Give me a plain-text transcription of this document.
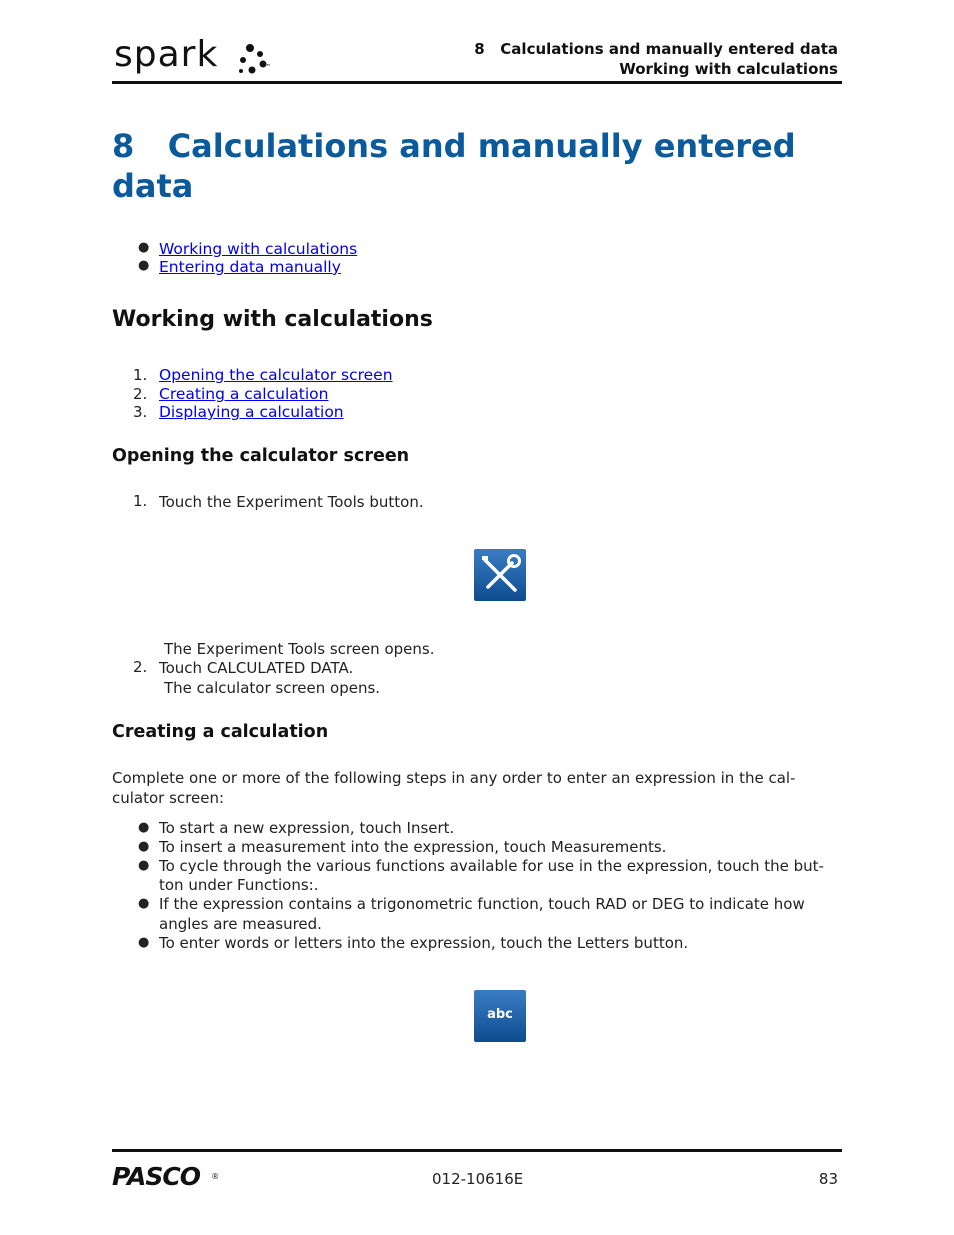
spark	™
8   Calculations and manually entered data
Working with calculations
8   Calculations and manually entered data
● Working with calculations
● Entering data manually
Working with calculations
1. Opening the calculator screen
2. Creating a calculation
3. Displaying a calculation
Opening the calculator screen
1. Touch the Experiment Tools button.
The Experiment Tools screen opens.
2. Touch CALCULATED DATA.
The calculator screen opens.
Creating a calculation
Complete one or more of the following steps in any order to enter an expression in the cal-
culator screen:
● To start a new expression, touch Insert.
● To insert a measurement into the expression, touch Measurements.
● To cycle through the various functions available for use in the expression, touch the but-
ton under Functions:.
● If the expression contains a trigonometric function, touch RAD or DEG to indicate how
angles are measured.
● To enter words or letters into the expression, touch the Letters button.
abc
PASCO ®	012-10616E	83
